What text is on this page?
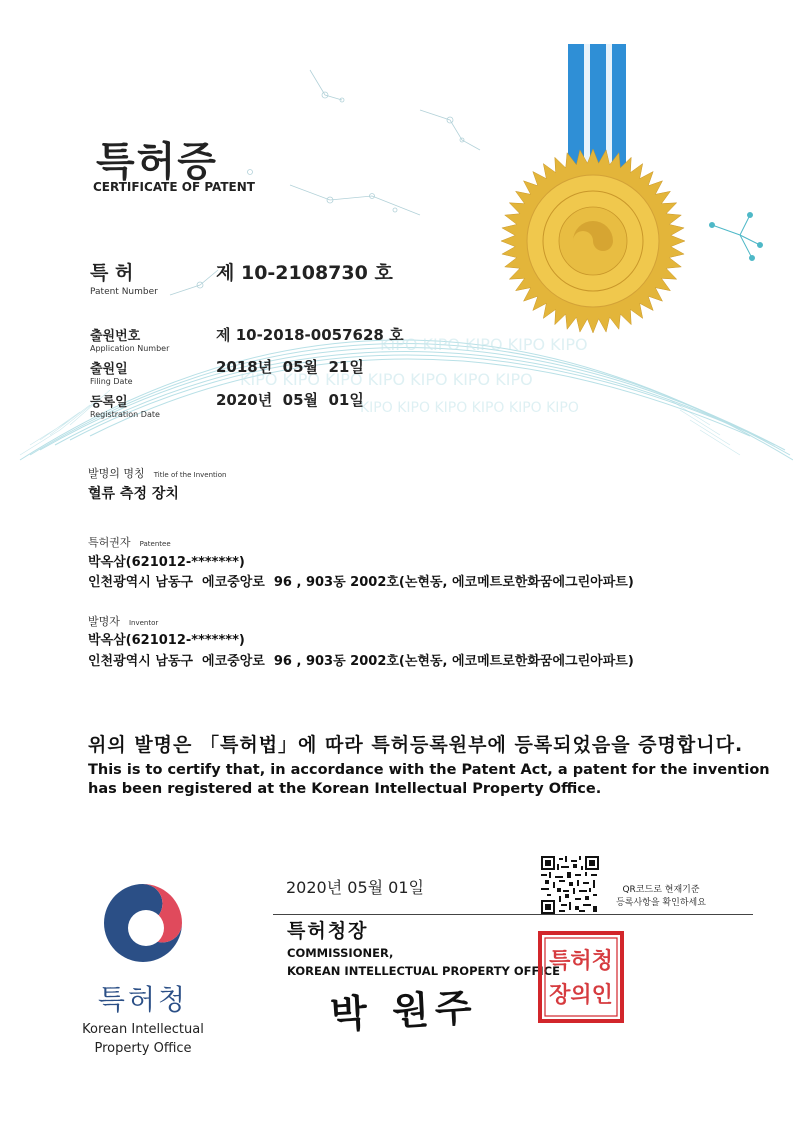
KIPO KIPO KIPO KIPO KIPO
KIPO KIPO KIPO KIPO KIPO KIPO KIPO
KIPO KIPO KIPO KIPO KIPO KIPO
특허증
CERTIFICATE OF PATENT
특 허
Patent Number
제 10-2108730 호
출원번호
Application Number
제 10-2018-0057628 호
출원일
Filing Date
2018년  05월  21일
등록일
Registration Date
2020년  05월  01일
발명의 명칭 Title of the Invention
혈류 측정 장치
특허권자 Patentee
박옥삼(621012-*******)
인천광역시 남동구  에코중앙로  96 , 903동 2002호(논현동, 에코메트로한화꿈에그린아파트)
발명자 Inventor
박옥삼(621012-*******)
인천광역시 남동구  에코중앙로  96 , 903동 2002호(논현동, 에코메트로한화꿈에그린아파트)
위의 발명은 「특허법」에 따라 특허등록원부에 등록되었음을 증명합니다.
This is to certify that, in accordance with the Patent Act, a patent for the invention
has been registered at the Korean Intellectual Property Office.
2020년 05월 01일	QR코드로 현재기준
등록사항을 확인하세요
특허청장
COMMISSIONER,
KOREAN INTELLECTUAL PROPERTY OFFICE
박 원주
특허청
장의인
특허청
Korean Intellectual
Property Office
